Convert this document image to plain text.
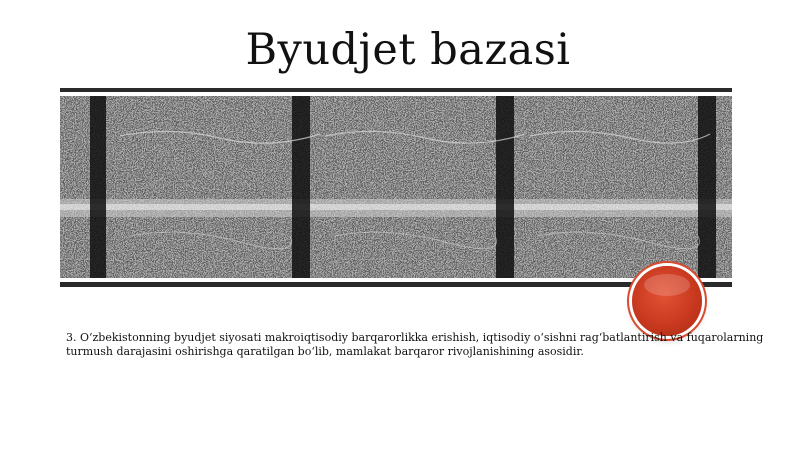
Byudjet bazasi
3. O‘zbekistonning byudjet siyosati makroiqtisodiy barqarorlikka erishish, iqtisodiy o‘sishni rag‘batlantirish va fuqarolarning turmush darajasini oshirishga qaratilgan bo‘lib, mamlakat barqaror rivojlanishining asosidir.
